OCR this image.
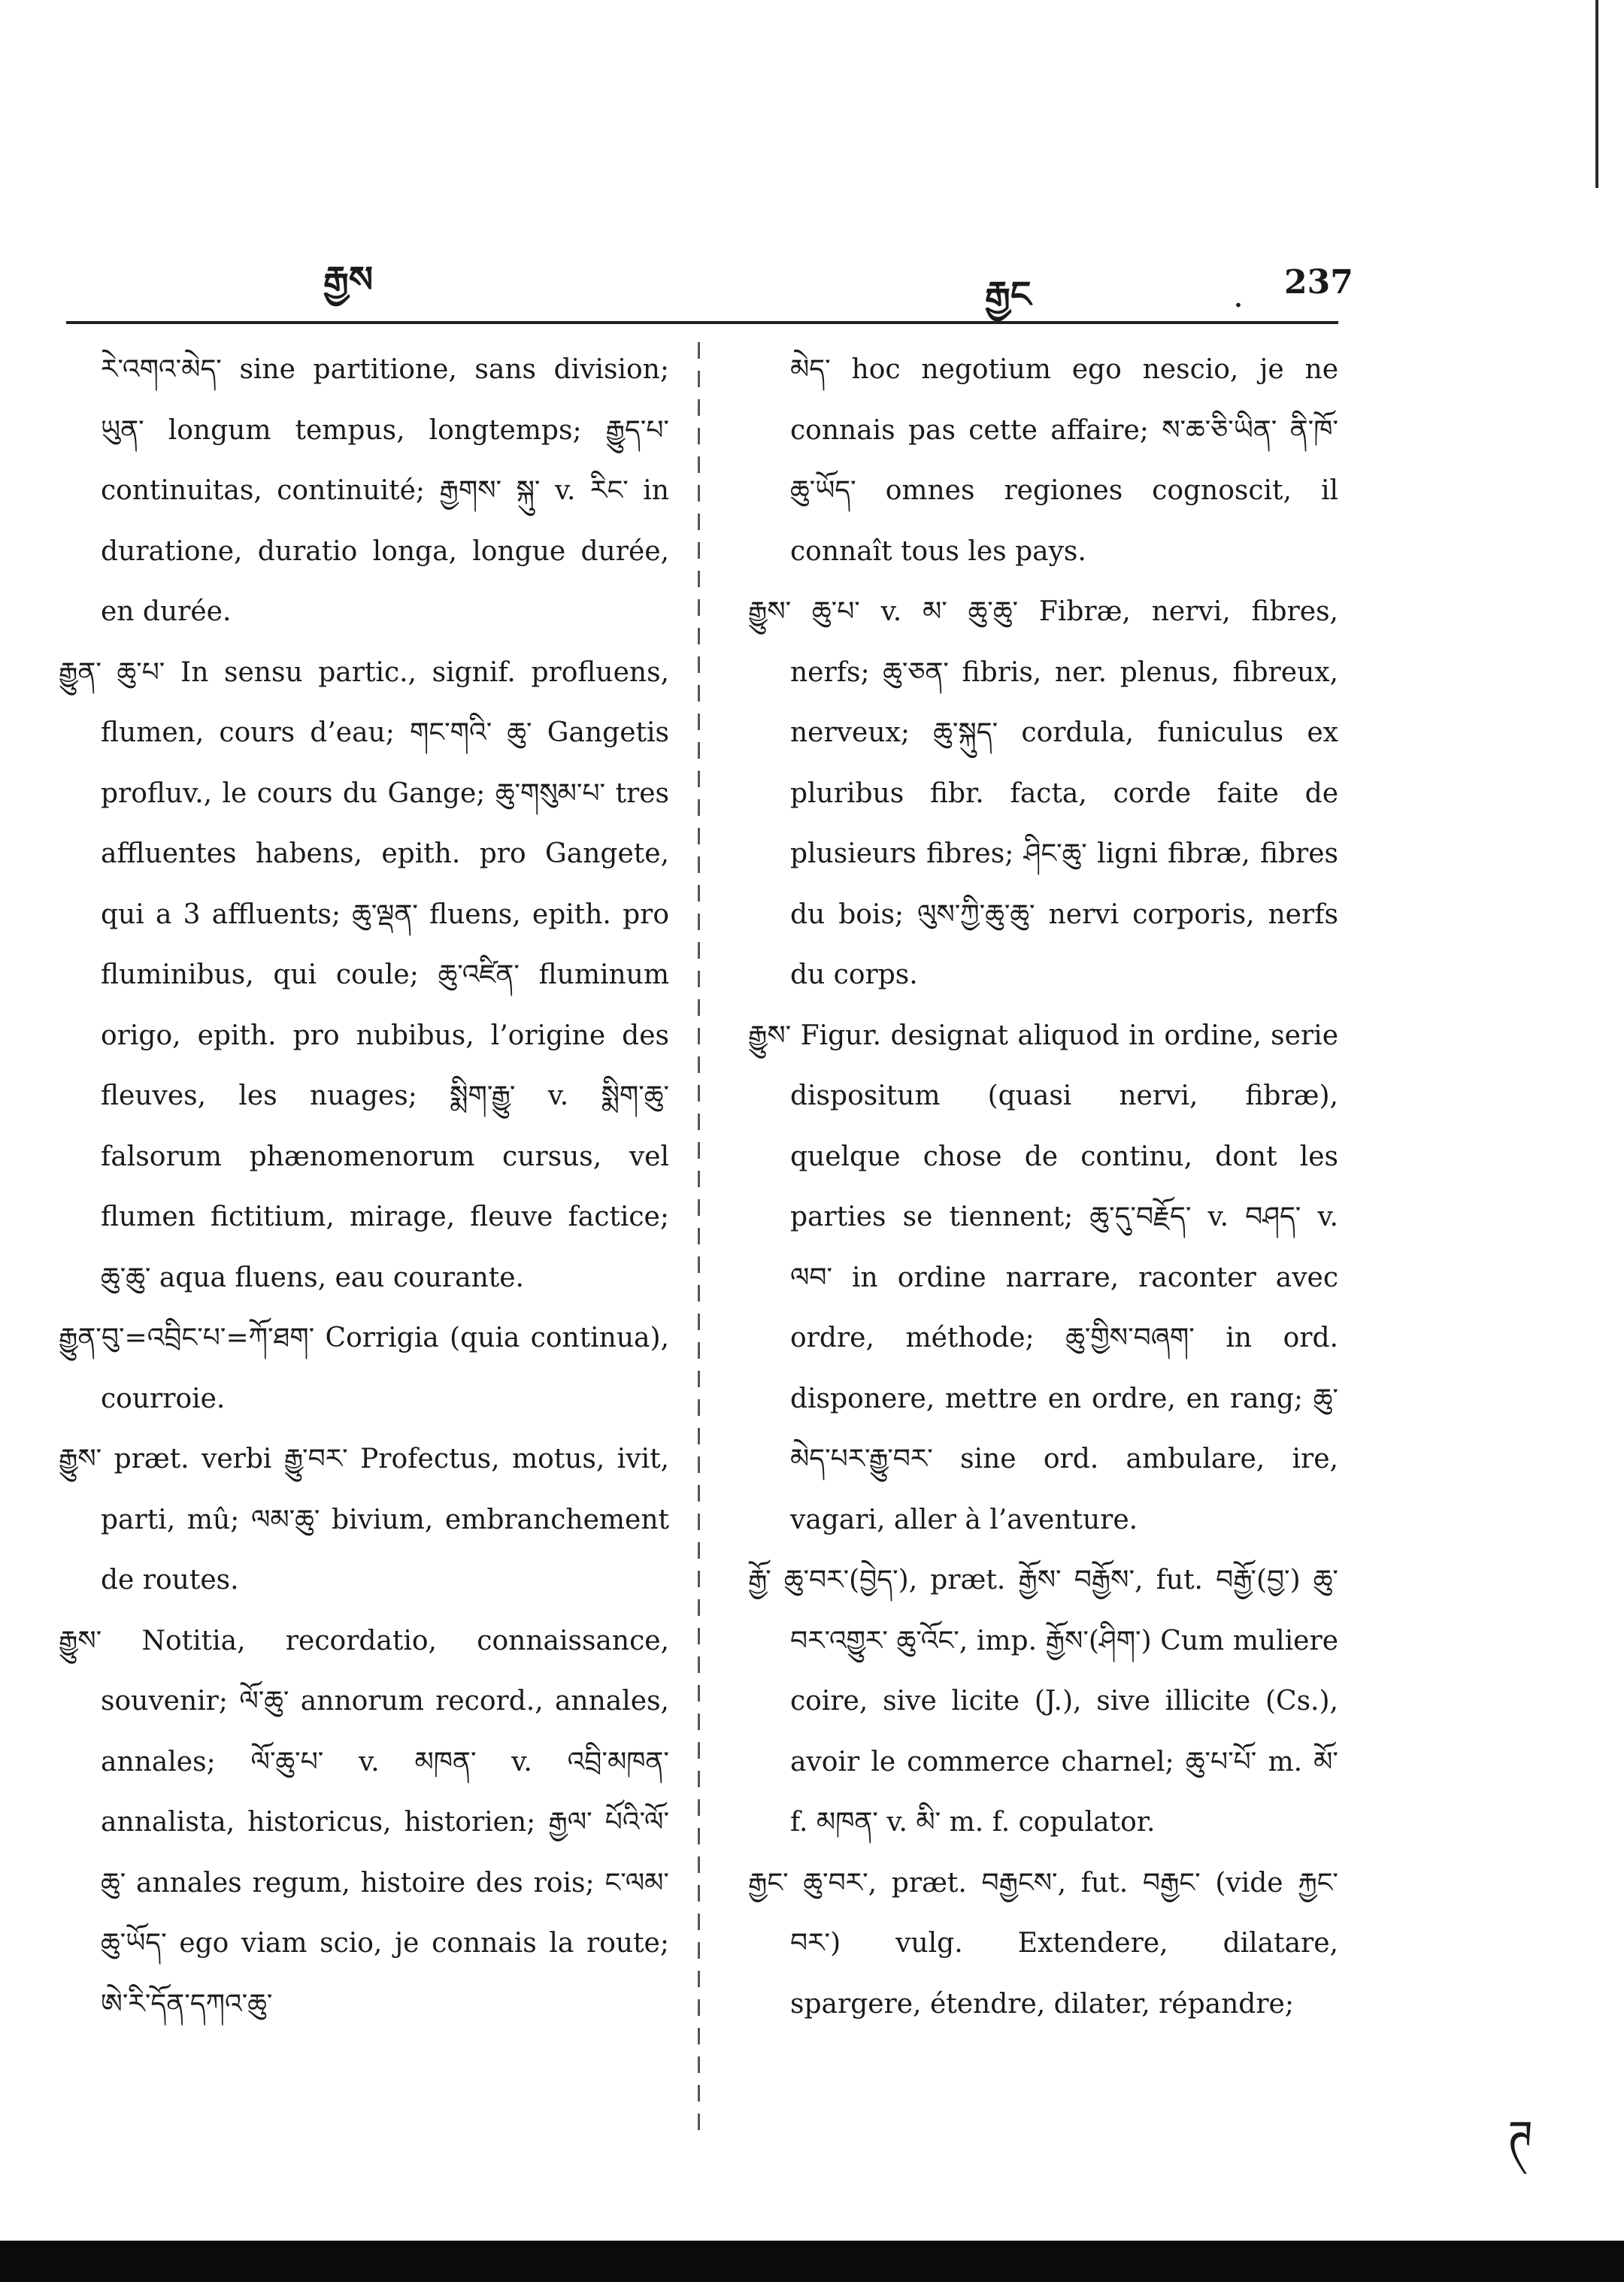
རྒྱས	རྒྱང	. 237

རེ་འགའ་མེད་ sine partitione, sans division; ཡུན་ longum tempus, longtemps; རྒྱུད་པ་ continuitas, continuité; རྒྱགས་ སྐུ་ v. རིང་ in duratione, duratio longa, longue durée, en durée.

རྒྱུན་ ཆུ་པ་ In sensu partic., signif. profluens, flumen, cours d’eau; གང་གའི་ ཆུ་ Gangetis profluv., le cours du Gange; ཆུ་གསུམ་པ་ tres affluentes habens, epith. pro Gangete, qui a 3 affluents; ཆུ་ལྡན་ fluens, epith. pro fluminibus, qui coule; ཆུ་འཛིན་ fluminum origo, epith. pro nubibus, l’origine des fleuves, les nuages; སྨིག་རྒྱུ་ v. སྨིག་ཆུ་ falsorum phænomenorum cursus, vel flumen fictitium, mirage, fleuve factice; ཆུ་ཆུ་ aqua fluens, eau courante.

རྒྱུན་བུ་=འབྲིང་པ་=ཀོ་ཐག་ Corrigia (quia continua), courroie.

རྒྱུས་ præt. verbi རྒྱུ་བར་ Profectus, motus, ivit, parti, mû; ལམ་ཆུ་ bivium, embranchement de routes.

རྒྱུས་ Notitia, recordatio, connaissance, souvenir; ལོ་ཆུ་ annorum record., annales, annales; ལོ་ཆུ་པ་ v. མཁན་ v. འབྲི་མཁན་ annalista, historicus, historien; རྒྱལ་ པོའི་ལོ་ཆུ་ annales regum, histoire des rois; ང་ལམ་ཆུ་ཡོད་ ego viam scio, je connais la route; ཨེ་རི་དོན་དཀའ་ཆུ་

མེད་ hoc negotium ego nescio, je ne connais pas cette affaire; ས་ཆ་ཅི་ཡིན་ ནི་ཁོ་ཆུ་ཡོད་ omnes regiones cognoscit, il connaît tous les pays.

རྒྱུས་ ཆུ་པ་ v. མ་ ཆུ་ཆུ་ Fibræ, nervi, fibres, nerfs; ཆུ་ཅན་ fibris, ner. plenus, fibreux, nerveux; ཆུ་སྐུད་ cordula, funiculus ex pluribus fibr. facta, corde faite de plusieurs fibres; ཤིང་ཆུ་ ligni fibræ, fibres du bois; ལུས་ཀྱི་ཆུ་ཆུ་ nervi corporis, nerfs du corps.

རྒྱུས་ Figur. designat aliquod in ordine, serie dispositum (quasi nervi, fibræ), quelque chose de continu, dont les parties se tiennent; ཆུ་དུ་བརྗོད་ v. བཤད་ v. ལབ་ in ordine narrare, raconter avec ordre, méthode; ཆུ་གྱིས་བཞག་ in ord. disponere, mettre en ordre, en rang; ཆུ་མེད་པར་རྒྱུ་བར་ sine ord. ambulare, ire, vagari, aller à l’aventure.

རྒྱོ་ ཆུ་བར་(བྱེད་), præt. རྒྱོས་ བརྒྱོས་, fut. བརྒྱོ་(བྱ་) ཆུ་བར་འགྱུར་ ཆུ་འོང་, imp. རྒྱོས་(ཤིག་) Cum muliere coire, sive licite (J.), sive illicite (Cs.), avoir le commerce charnel; ཆུ་པ་པོ་ m. མོ་ f. མཁན་ v. མི་ m. f. copulator.

རྒྱང་ ཆུ་བར་, præt. བརྒྱངས་, fut. བརྒྱང་ (vide རྐྱང་བར་) vulg. Extendere, dilatare, spargere, étendre, dilater, répandre;

ཊ
